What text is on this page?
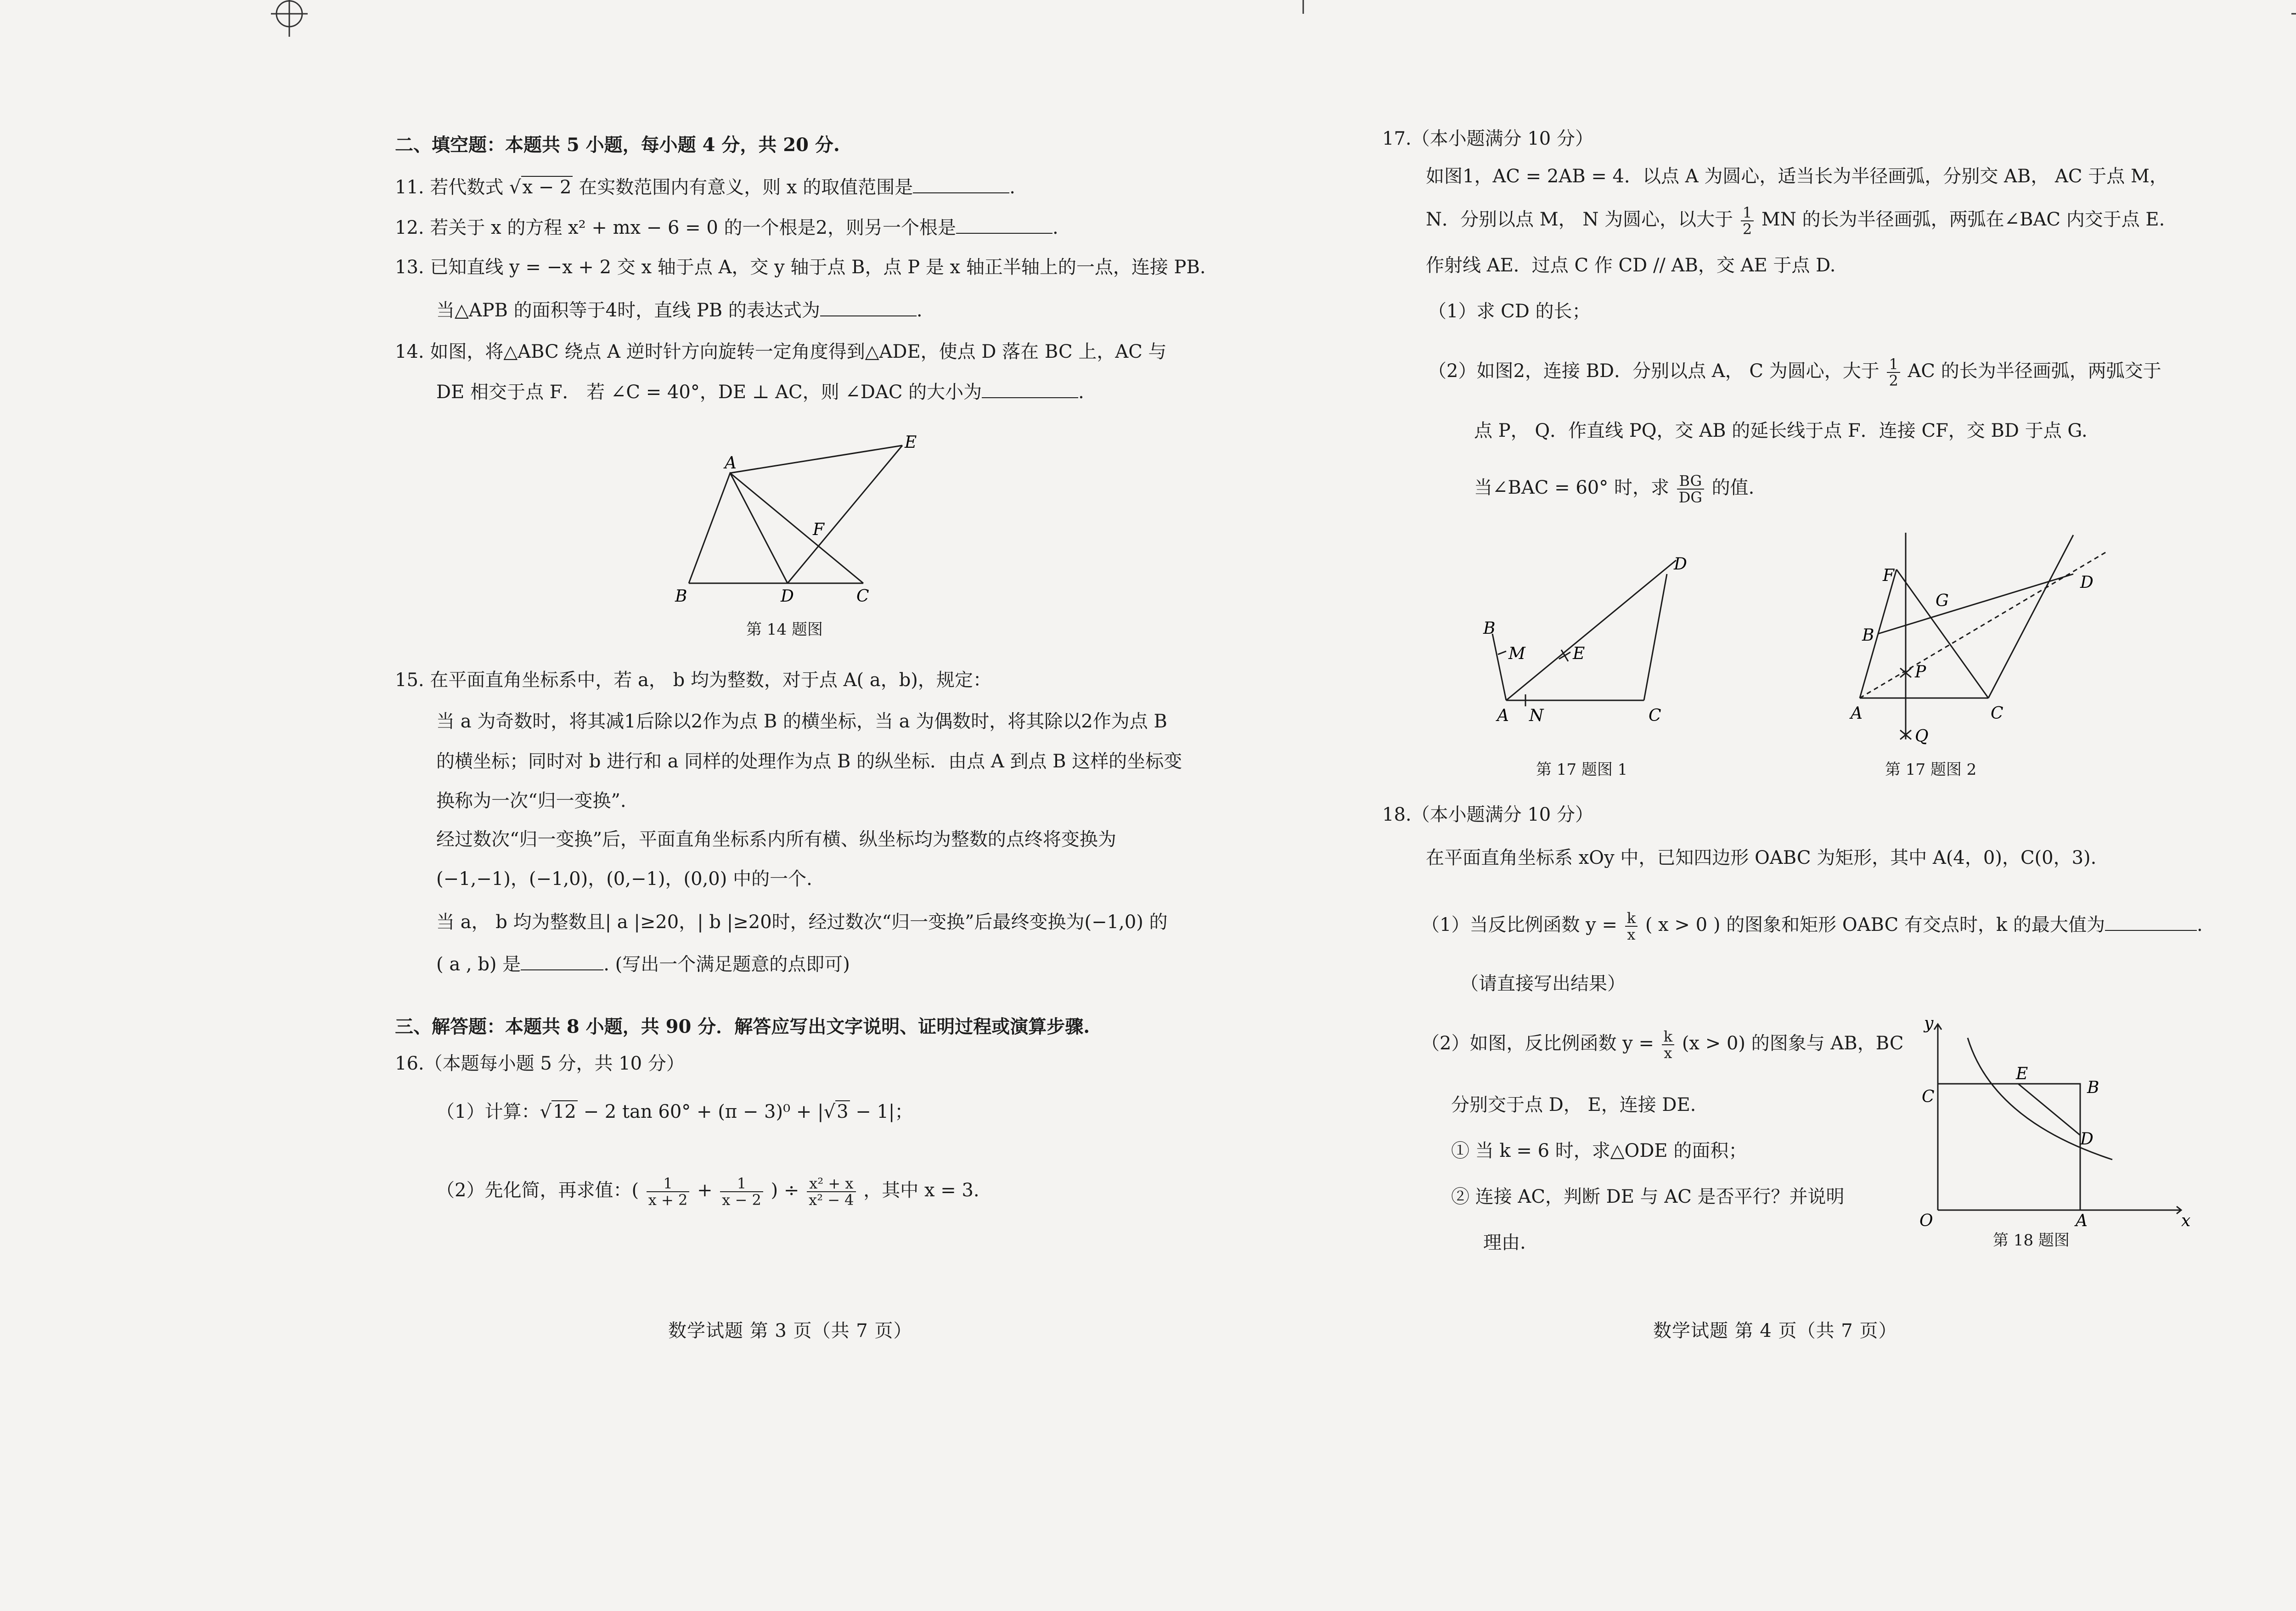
二、填空题：本题共 5 小题，每小题 4 分，共 20 分.
11. 若代数式 √x − 2 在实数范围内有意义，则 x 的取值范围是	.
12. 若关于 x 的方程 x² + mx − 6 = 0 的一个根是2，则另一个根是	.
13. 已知直线 y = −x + 2 交 x 轴于点 A，交 y 轴于点 B，点 P 是 x 轴正半轴上的一点，连接 PB.
当△APB 的面积等于4时，直线 PB 的表达式为	.
14. 如图，将△ABC 绕点 A 逆时针方向旋转一定角度得到△ADE，使点 D 落在 BC 上，AC 与
DE 相交于点 F． 若 ∠C = 40°，DE ⊥ AC，则 ∠DAC 的大小为	.
A
B	C
D
E
F
第 14 题图
15. 在平面直角坐标系中，若 a， b 均为整数，对于点 A( a，b)，规定：
当 a 为奇数时，将其减1后除以2作为点 B 的横坐标，当 a 为偶数时，将其除以2作为点 B
的横坐标；同时对 b 进行和 a 同样的处理作为点 B 的纵坐标．由点 A 到点 B 这样的坐标变
换称为一次“归一变换”.
经过数次“归一变换”后，平面直角坐标系内所有横、纵坐标均为整数的点终将变换为
(−1,−1)，(−1,0)，(0,−1)，(0,0) 中的一个.
当 a， b 均为整数且| a |≥20，| b |≥20时，经过数次“归一变换”后最终变换为(−1,0) 的
( a , b) 是	. (写出一个满足题意的点即可)
三、解答题：本题共 8 小题，共 90 分．解答应写出文字说明、证明过程或演算步骤.
16.（本题每小题 5 分，共 10 分）
（1）计算：√12 − 2 tan 60° + (π − 3)⁰ + |√3 − 1|；
（2）先化简，再求值：( $\frac{1}{x + 2} + \frac{1}{x - 2}$ ) ÷ $\frac{\text{x² + x}}{\text{x² − 4}}$ ，其中 x = 3.
数学试题 第 3 页（共 7 页）
17.（本小题满分 10 分）
如图1，AC = 2AB = 4．以点 A 为圆心，适当长为半径画弧，分别交 AB， AC 于点 M，
N．分别以点 M， N 为圆心，以大于 $\frac{1}{2}$ MN 的长为半径画弧，两弧在∠BAC 内交于点 E.
作射线 AE．过点 C 作 CD // AB，交 AE 于点 D.
（1）求 CD 的长；
（2）如图2，连接 BD．分别以点 A， C 为圆心，大于 $\frac{1}{2}$ AC 的长为半径画弧，两弧交于
点 P， Q．作直线 PQ，交 AB 的延长线于点 F．连接 CF，交 BD 于点 G.
当∠BAC = 60° 时，求 $\frac{BG}{DG}$ 的值.
A
B
C
D
E
M
N
第 17 题图 1
A
B
C
D
F
G
P
Q
第 17 题图 2
18.（本小题满分 10 分）
在平面直角坐标系 xOy 中，已知四边形 OABC 为矩形，其中 A(4，0)，C(0，3).
（1）当反比例函数 $y = \frac{k}{x}$ ( x > 0 ) 的图象和矩形 OABC 有交点时，k 的最大值为	.
（请直接写出结果）
（2）如图，反比例函数 $y = \frac{k}{x} (x > 0)$ 的图象与 AB，BC
分别交于点 D， E，连接 DE.
① 当 k = 6 时，求△ODE 的面积；
② 连接 AC，判断 DE 与 AC 是否平行？并说明
理由.
C
E
B
D
O	A	x
y
第 18 题图
数学试题 第 4 页（共 7 页）
